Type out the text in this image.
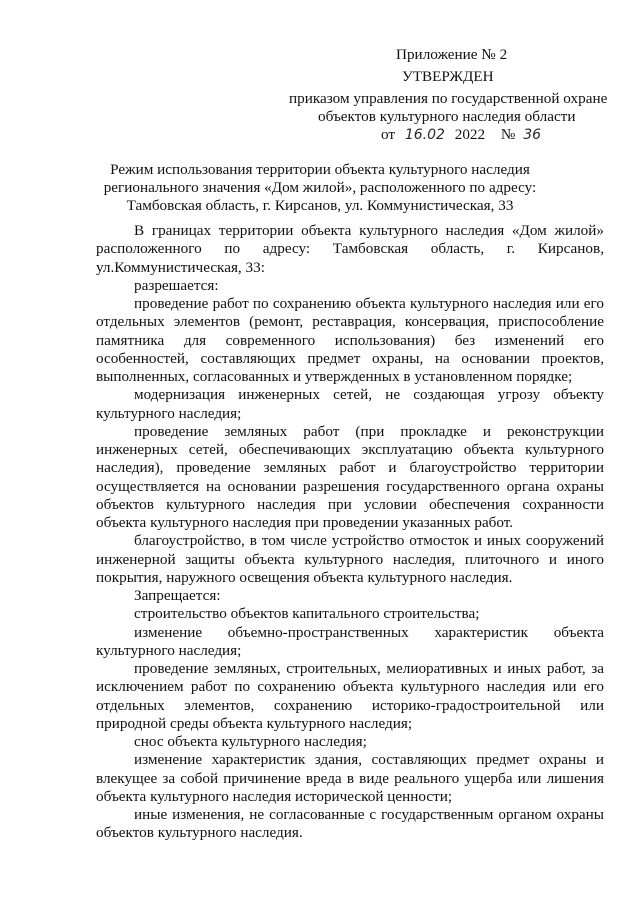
Приложение № 2
УТВЕРЖДЕН
приказом управления по государственной охране
объектов культурного наследия области
от 16.02 2022 № 36
Режим использования территории объекта культурного наследия
регионального значения «Дом жилой», расположенного по адресу:
Тамбовская область, г. Кирсанов, ул. Коммунистическая, 33

В границах территории объекта культурного наследия «Дом жилой» расположенного по адресу: Тамбовская область, г. Кирсанов, ул.Коммунистическая, 33:

разрешается:

проведение работ по сохранению объекта культурного наследия или его отдельных элементов (ремонт, реставрация, консервация, приспособление памятника для современного использования) без изменений его особенностей, составляющих предмет охраны, на основании проектов, выполненных, согласованных и утвержденных в установленном порядке;

модернизация инженерных сетей, не создающая угрозу объекту культурного наследия;

проведение земляных работ (при прокладке и реконструкции инженерных сетей, обеспечивающих эксплуатацию объекта культурного наследия), проведение земляных работ и благоустройство территории осуществляется на основании разрешения государственного органа охраны объектов культурного наследия при условии обеспечения сохранности объекта культурного наследия при проведении указанных работ.

благоустройство, в том числе устройство отмосток и иных сооружений инженерной защиты объекта культурного наследия, плиточного и иного покрытия, наружного освещения объекта культурного наследия.

Запрещается:

строительство объектов капитального строительства;

изменение объемно-пространственных характеристик объекта культурного наследия;

проведение земляных, строительных, мелиоративных и иных работ, за исключением работ по сохранению объекта культурного наследия или его отдельных элементов, сохранению историко-градостроительной или природной среды объекта культурного наследия;

снос объекта культурного наследия;

изменение характеристик здания, составляющих предмет охраны и влекущее за собой причинение вреда в виде реального ущерба или лишения объекта культурного наследия исторической ценности;

иные изменения, не согласованные с государственным органом охраны объектов культурного наследия.
